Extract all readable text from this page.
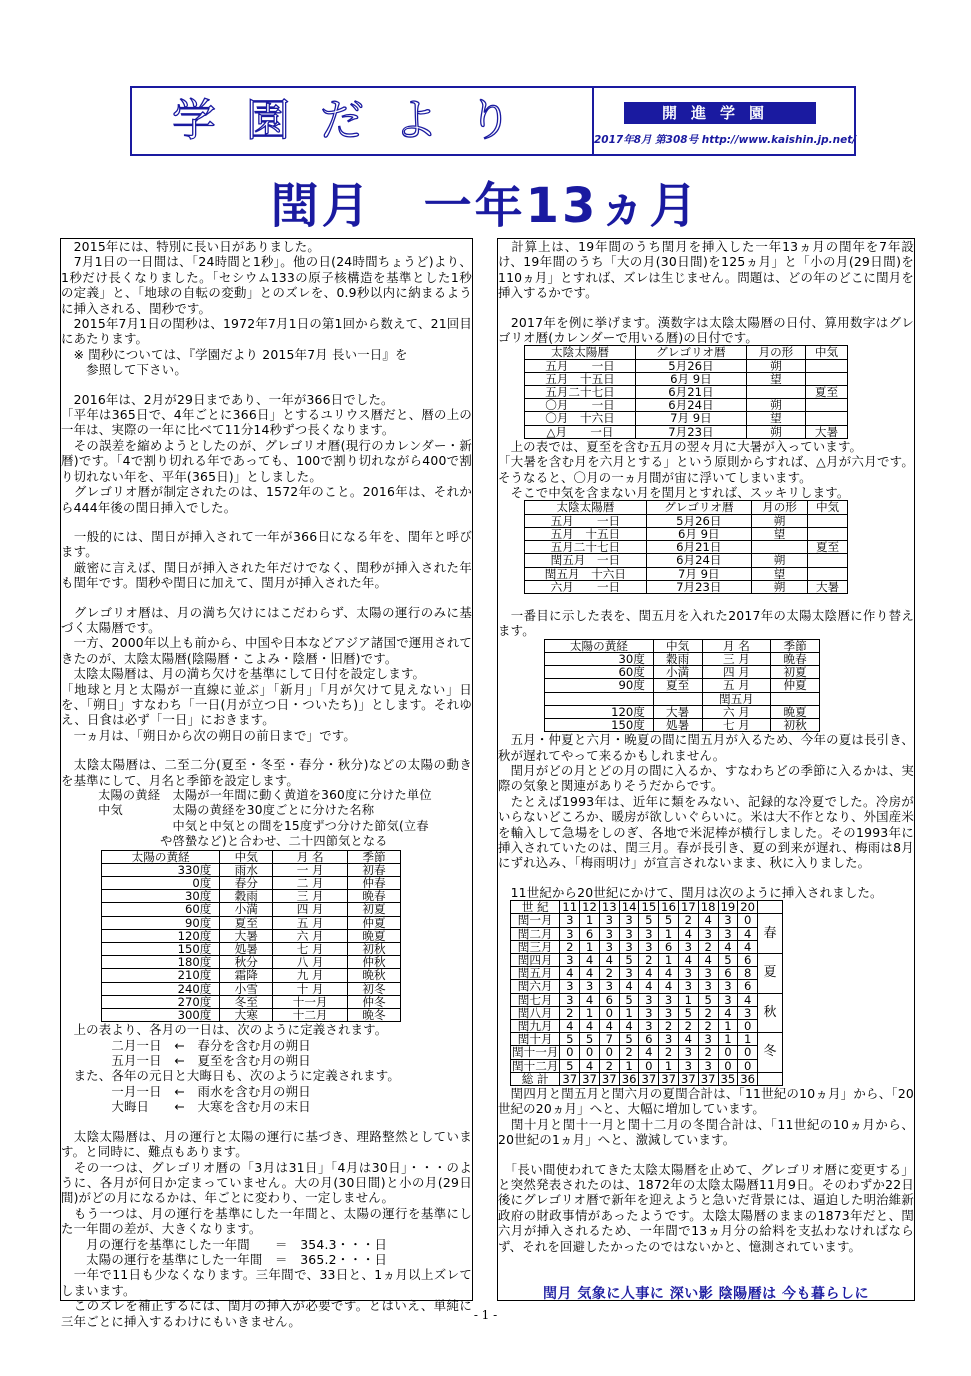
学園だより	開進学園
2017年8月 第308号 http://www.kaishin.jp.net/
閏月　一年13ヵ月

　2015年には、特別に長い日がありました。
　7月1日の一日間は、「24時間と1秒」。他の日(24時間ちょうど)より、1秒だけ長くなりました。「セシウム133の原子核構造を基準とした1秒の定義」と、「地球の自転の変動」とのズレを、0.9秒以内に納まるように挿入される、閏秒です。
　2015年7月1日の閏秒は、1972年7月1日の第1回から数えて、21回目にあたります。
　※ 閏秒については、『学園だより 2015年7月 長い一日』を
　　参照して下さい。

　2016年は、2月が29日まであり、一年が366日でした。
「平年は365日で、4年ごとに366日」とするユリウス暦だと、暦の上の一年は、実際の一年に比べて11分14秒ずつ長くなります。
　その誤差を縮めようとしたのが、グレゴリオ暦(現行のカレンダー・新暦)です。「4で割り切れる年であっても、100で割り切れながら400で割り切れない年を、平年(365日)」としました。
　グレゴリオ暦が制定されたのは、1572年のこと。2016年は、それから444年後の閏日挿入でした。

　一般的には、閏日が挿入されて一年が366日になる年を、閏年と呼びます。
　厳密に言えば、閏日が挿入された年だけでなく、閏秒が挿入された年も閏年です。閏秒や閏日に加えて、閏月が挿入された年。

　グレゴリオ暦は、月の満ち欠けにはこだわらず、太陽の運行のみに基づく太陽暦です。
　一方、2000年以上も前から、中国や日本などアジア諸国で運用されてきたのが、太陰太陽暦(陰陽暦・こよみ・陰暦・旧暦)です。
　太陰太陽暦は、月の満ち欠けを基準にして日付を設定します。
「地球と月と太陽が一直線に並ぶ」「新月」「月が欠けて見えない」日を、「朔日」すなわち「一日(月が立つ日・ついたち)」とします。それゆえ、日食は必ず「一日」におきます。
　一ヵ月は、「朔日から次の朔日の前日まで」です。

　太陰太陽暦は、二至二分(夏至・冬至・春分・秋分)などの太陽の動きを基準にして、月名と季節を設定します。

　　　太陽の黄経　太陽が一年間に動く黄道を360度に分けた単位
　　　中気　　　　太陽の黄経を30度ごとに分けた名称
　　　　　　　　　中気と中気との間を15度ずつ分けた節気(立春
　　　　　　　　や啓蟄など)と合わせ、二十四節気となる

太陽の黄経	中気	月 名	季節
330度	雨水	一 月	初春
0度	春分	二 月	仲春
30度	穀雨	三 月	晩春
60度	小満	四 月	初夏
90度	夏至	五 月	仲夏
120度	大暑	六 月	晩夏
150度	処暑	七 月	初秋
180度	秋分	八 月	仲秋
210度	霜降	九 月	晩秋
240度	小雪	十 月	初冬
270度	冬至	十一月	仲冬
300度	大寒	十二月	晩冬

　上の表より、各月の一日は、次のように定義されます。
　　　　二月一日　←　春分を含む月の朔日
　　　　五月一日　←　夏至を含む月の朔日
　また、各年の元日と大晦日も、次のように定義されます。
　　　　一月一日　←　雨水を含む月の朔日
　　　　大晦日　　←　大寒を含む月の末日

　太陰太陽暦は、月の運行と太陽の運行に基づき、理路整然としています。と同時に、難点もあります。
　その一つは、グレゴリオ暦の「3月は31日」「4月は30日」・・・のように、各月が何日か定まっていません。大の月(30日間)と小の月(29日間)がどの月になるかは、年ごとに変わり、一定しません。
　もう一つは、月の運行を基準にした一年間と、太陽の運行を基準にした一年間の差が、大きくなります。
　　月の運行を基準にした一年間　　＝　354.3・・・日
　　太陽の運行を基準にした一年間　＝　365.2・・・日
　一年で11日も少なくなります。三年間で、33日と、1ヵ月以上ズレてしまいます。
　このズレを補正するには、閏月の挿入が必要です。とはいえ、単純に三年ごとに挿入するわけにもいきません。

　計算上は、19年間のうち閏月を挿入した一年13ヵ月の閏年を7年設け、19年間のうち「大の月(30日間)を125ヵ月」と「小の月(29日間)を110ヵ月」とすれば、ズレは生じません。問題は、どの年のどこに閏月を挿入するかです。

　2017年を例に挙げます。漢数字は太陰太陽暦の日付、算用数字はグレゴリオ暦(カレンダーで用いる暦)の日付です。

太陰太陽暦	グレゴリオ暦	月の形	中気
五月　　一日	5月26日	朔	
五月　十五日	6月 9日	望	
五月二十七日	6月21日		夏至
〇月　　一日	6月24日	朔	
〇月　十六日	7月 9日	望	
△月　　一日	7月23日	朔	大暑

　上の表では、夏至を含む五月の翌々月に大暑が入っています。
「大暑を含む月を六月とする」という原則からすれば、△月が六月です。そうなると、〇月の一ヵ月間が宙に浮いてしまいます。
　そこで中気を含まない月を閏月とすれば、スッキリします。

太陰太陽暦	グレゴリオ暦	月の形	中気
五月　　一日	5月26日	朔	
五月　十五日	6月 9日	望	
五月二十七日	6月21日		夏至
閏五月　一日	6月24日	朔	
閏五月　十六日	7月 9日	望	
六月　　一日	7月23日	朔	大暑

　一番目に示した表を、閏五月を入れた2017年の太陽太陰暦に作り替えます。

太陽の黄経	中気	月 名	季節
30度	穀雨	三 月	晩春
60度	小満	四 月	初夏
90度	夏至	五 月	仲夏
		閏五月	
120度	大暑	六 月	晩夏
150度	処暑	七 月	初秋

　五月・仲夏と六月・晩夏の間に閏五月が入るため、今年の夏は長引き、秋が遅れてやって来るかもしれません。
　閏月がどの月とどの月の間に入るか、すなわちどの季節に入るかは、実際の気象と関連がありそうだからです。
　たとえば1993年は、近年に類をみない、記録的な冷夏でした。冷房がいらないどころか、暖房が欲しいぐらいに。米は大不作となり、外国産米を輸入して急場をしのぎ、各地で米泥棒が横行しました。その1993年に挿入されていたのは、閏三月。春が長引き、夏の到来が遅れ、梅雨は8月にずれ込み、「梅雨明け」が宣言されないまま、秋に入りました。

　11世紀から20世紀にかけて、閏月は次のように挿入されました。

世 紀	11	12	13	14	15	16	17	18	19	20	
閏一月	3	1	3	3	5	5	2	4	3	0	春
閏二月	3	6	3	3	3	1	4	3	3	4	
閏三月	2	1	3	3	3	6	3	2	4	4	
閏四月	3	4	4	5	2	1	4	4	5	6	夏
閏五月	4	4	2	3	4	4	3	3	6	8	
閏六月	3	3	3	4	4	4	3	3	3	6	
閏七月	3	4	6	5	3	3	1	5	3	4	秋
閏八月	2	1	0	1	3	3	5	2	4	3	
閏九月	4	4	4	4	3	2	2	2	1	0	
閏十月	5	5	7	5	6	3	4	3	1	1	冬
閏十一月	0	0	0	2	4	2	3	2	0	0	
閏十二月	5	4	2	1	0	1	3	3	0	0	
総 計	37	37	37	36	37	37	37	37	35	36	

　閏四月と閏五月と閏六月の夏閏合計は、「11世紀の10ヵ月」から、「20世紀の20ヵ月」へと、大幅に増加しています。
　閏十月と閏十一月と閏十二月の冬閏合計は、「11世紀の10ヵ月から、20世紀の1ヵ月」へと、激減しています。

　「長い間使われてきた太陰太陽暦を止めて、グレゴリオ暦に変更する」と突然発表されたのは、1872年の太陰太陽暦11月9日。そのわずか22日後にグレゴリオ暦で新年を迎えようと急いだ背景には、逼迫した明治維新政府の財政事情があったようです。太陰太陽暦のままの1873年だと、閏六月が挿入されるため、一年間で13ヵ月分の給料を支払わなければならず、それを回避したかったのではないかと、憶測されています。

閏月 気象に人事に 深い影 陰陽暦は 今も暮らしに
- 1 -
